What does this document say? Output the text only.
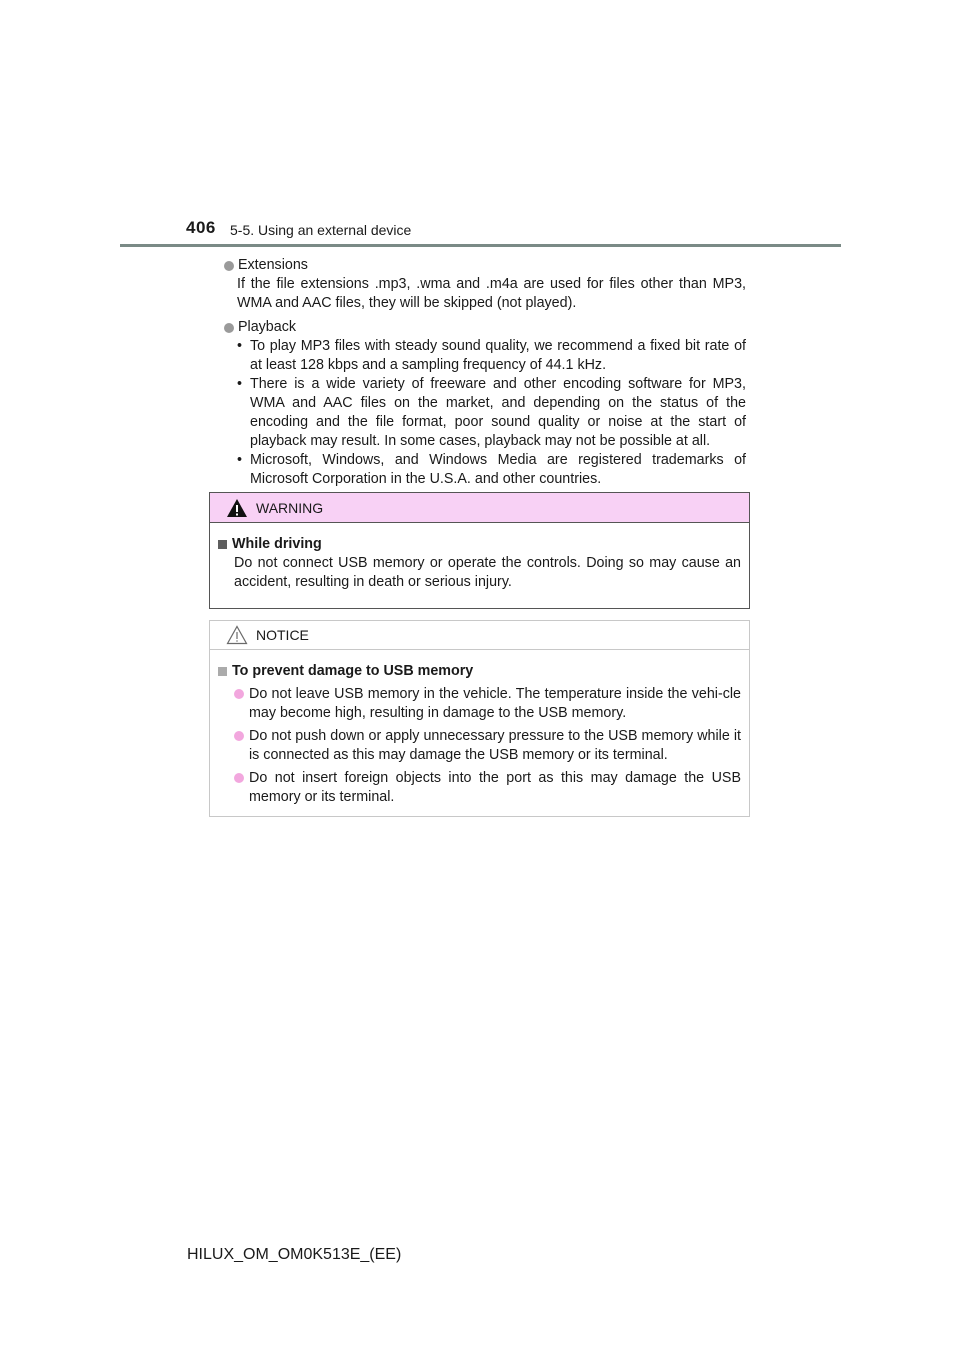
406 5-5. Using an external device
Extensions
If the file extensions .mp3, .wma and .m4a are used for files other than MP3, WMA and AAC files, they will be skipped (not played).
Playback
• To play MP3 files with steady sound quality, we recommend a fixed bit rate of at least 128 kbps and a sampling frequency of 44.1 kHz.
• There is a wide variety of freeware and other encoding software for MP3, WMA and AAC files on the market, and depending on the status of the encoding and the file format, poor sound quality or noise at the start of playback may result. In some cases, playback may not be possible at all.
• Microsoft, Windows, and Windows Media are registered trademarks of Microsoft Corporation in the U.S.A. and other countries.
WARNING
While driving
Do not connect USB memory or operate the controls. Doing so may cause an accident, resulting in death or serious injury.
NOTICE
To prevent damage to USB memory
Do not leave USB memory in the vehicle. The temperature inside the vehi-cle may become high, resulting in damage to the USB memory.
Do not push down or apply unnecessary pressure to the USB memory while it is connected as this may damage the USB memory or its terminal.
Do not insert foreign objects into the port as this may damage the USB memory or its terminal.
HILUX_OM_OM0K513E_(EE)
